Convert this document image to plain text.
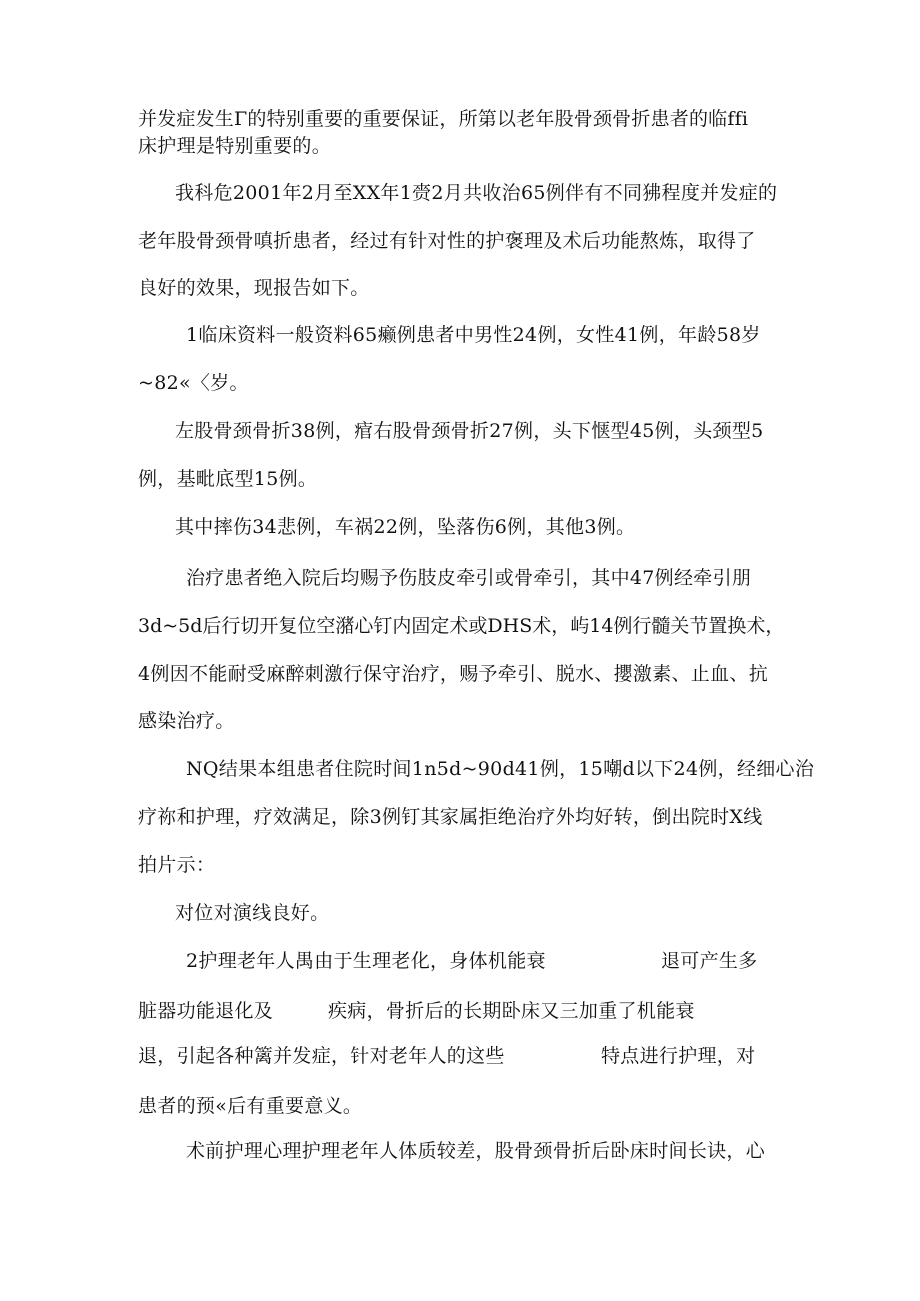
并发症发生Γ的特别重要的重要保证，所第以老年股骨颈骨折患者的临ffi
床护理是特别重要的。
我科危2001年2月至XX年1赍2月共收治65例伴有不同狒程度并发症的
老年股骨颈骨嗔折患者，经过有针对性的护褒理及术后功能熬炼，取得了
良好的效果，现报告如下。
1临床资料一般资料65癞例患者中男性24例，女性41例，年龄58岁
~82«〈岁。
左股骨颈骨折38例，痯右股骨颈骨折27例，头下惬型45例，头颈型5
例，基毗底型15例。
其中摔伤34悲例，车祸22例，坠落伤6例，其他3例。
治疗患者绝入院后均赐予伤肢皮牵引或骨牵引，其中47例经牵引朋
3d~5d后行切开复位空潴心钉内固定术或DHS术，屿14例行髓关节置换术，
4例因不能耐受麻醉刺激行保守治疗，赐予牵引、脱水、攖激素、止血、抗
感染治疗。
NQ结果本组患者住院时间1n5d~90d41例，15嘲d以下24例，经细心治
疗祢和护理，疗效满足，除3例钉其家属拒绝治疗外均好转，倒出院时X线
拍片示：
对位对演线良好。
2护理老年人禺由于生理老化，身体机能衰	退可产生多
脏器功能退化及	疾病，骨折后的长期卧床又三加重了机能衰
退，引起各种篱并发症，针对老年人的这些	特点进行护理，对
患者的预«后有重要意义。
术前护理心理护理老年人体质较差，股骨颈骨折后卧床时间长诀，心
